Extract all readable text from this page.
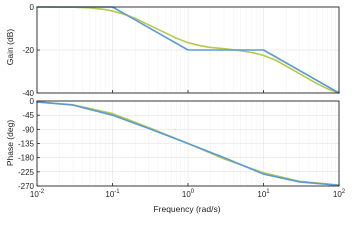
0
-20
-40
0
-45
-90
-135
-180
-225
-270
$10^{-2}$	$10^{-1}$	$10^0$	$10^1$	$10^2$
Gain (dB)
Phase (deg)
Frequency (rad/s)
